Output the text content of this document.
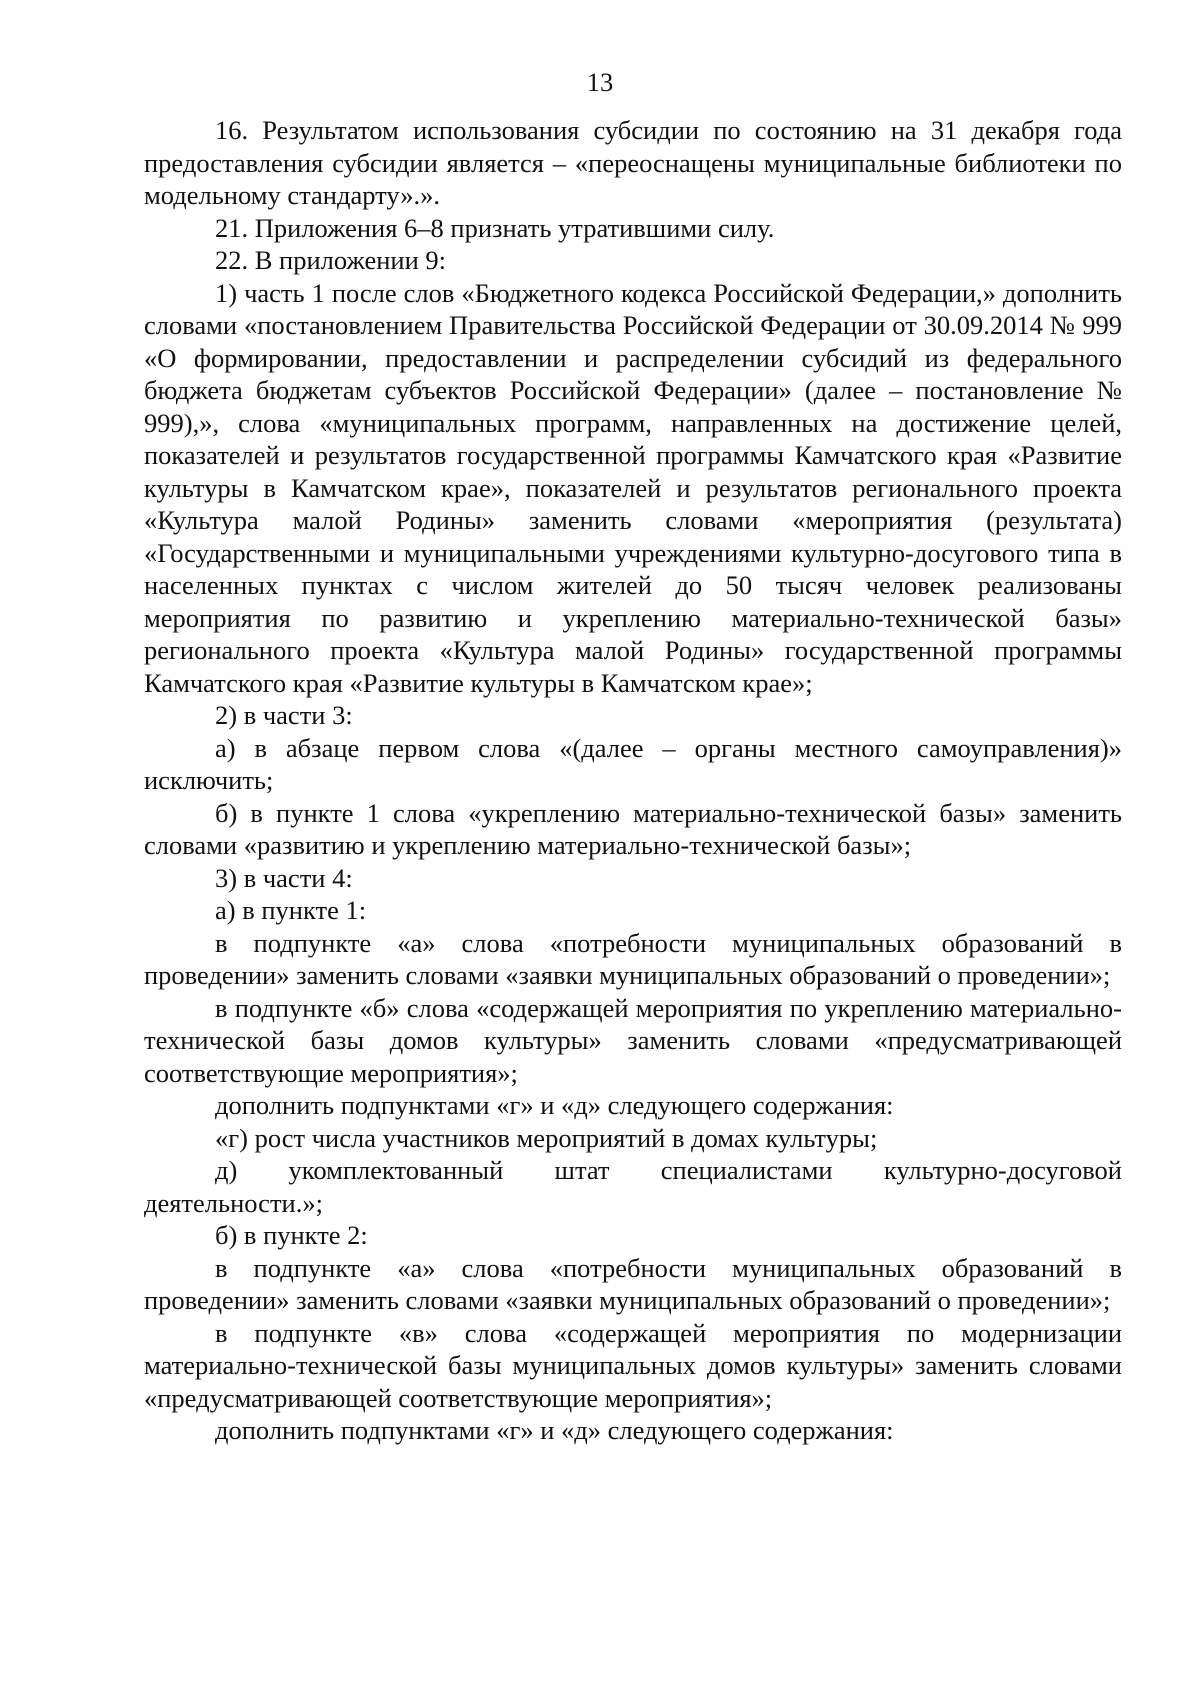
13

16. Результатом использования субсидии по состоянию на 31 декабря года предоставления субсидии является – «переоснащены муниципальные библиотеки по модельному стандарту».».

21. Приложения 6–8 признать утратившими силу.

22. В приложении 9:

1) часть 1 после слов «Бюджетного кодекса Российской Федерации,» дополнить словами «постановлением Правительства Российской Федерации от 30.09.2014 № 999 «О формировании, предоставлении и распределении субсидий из федерального бюджета бюджетам субъектов Российской Федерации» (далее – постановление № 999),», слова «муниципальных программ, направленных на достижение целей, показателей и результатов государственной программы Камчатского края «Развитие культуры в Камчатском крае», показателей и результатов регионального проекта «Культура малой Родины» заменить словами «мероприятия (результата) «Государственными и муниципальными учреждениями культурно-досугового типа в населенных пунктах с числом жителей до 50 тысяч человек реализованы мероприятия по развитию и укреплению материально-технической базы» регионального проекта «Культура малой Родины» государственной программы Камчатского края «Развитие культуры в Камчатском крае»;

2) в части 3:

а) в абзаце первом слова «(далее – органы местного самоуправления)» исключить;

б) в пункте 1 слова «укреплению материально-технической базы» заменить словами «развитию и укреплению материально-технической базы»;

3) в части 4:

а) в пункте 1:

в подпункте «а» слова «потребности муниципальных образований в проведении» заменить словами «заявки муниципальных образований о проведении»;

в подпункте «б» слова «содержащей мероприятия по укреплению материально-технической базы домов культуры» заменить словами «предусматривающей соответствующие мероприятия»;

дополнить подпунктами «г» и «д» следующего содержания:

«г) рост числа участников мероприятий в домах культуры;

д) укомплектованный штат специалистами культурно-досуговой деятельности.»;

б) в пункте 2:

в подпункте «а» слова «потребности муниципальных образований в проведении» заменить словами «заявки муниципальных образований о проведении»;

в подпункте «в» слова «содержащей мероприятия по модернизации материально-технической базы муниципальных домов культуры» заменить словами «предусматривающей соответствующие мероприятия»;

дополнить подпунктами «г» и «д» следующего содержания:
